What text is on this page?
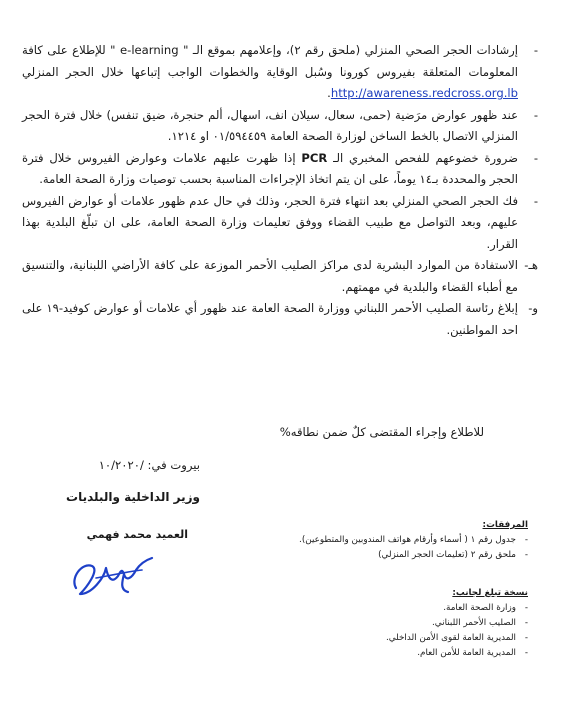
-
إرشادات الحجر الصحي المنزلي (ملحق رقم ٢)، وإعلامهم بموقع الـ " e-learning " للإطلاع على كافة المعلومات المتعلقة بفيروس كورونا وسُبل الوقاية والخطوات الواجب إتباعها خلال الحجر المنزلي http://awareness.redcross.org.lb.
-
عند ظهور عوارض مرَضية (حمى، سعال، سيلان انف، اسهال، ألم حنجرة، ضيق تنفس) خلال فترة الحجر المنزلي الاتصال بالخط الساخن لوزارة الصحة العامة ٠١/٥٩٤٤٥٩ او ١٢١٤.
-
ضرورة خضوعهم للفحص المخبري الـ PCR إذا ظهرت عليهم علامات وعوارض الفيروس خلال فترة الحجر والمحددة بـ١٤ يوماً، على ان يتم اتخاذ الإجراءات المناسبة بحسب توصيات وزارة الصحة العامة.
-
فك الحجر الصحي المنزلي بعد انتهاء فترة الحجر، وذلك في حال عدم ظهور علامات أو عوارض الفيروس عليهم، وبعد التواصل مع طبيب القضاء ووفق تعليمات وزارة الصحة العامة، على ان تبلّغ البلدية بهذا القرار.
هـ-
الاستفادة من الموارد البشرية لدى مراكز الصليب الأحمر الموزعة على كافة الأراضي اللبنانية، والتنسيق مع أطباء القضاء والبلدية في مهمتهم.
و-
إبلاغ رئاسة الصليب الأحمر اللبناني ووزارة الصحة العامة عند ظهور أي علامات أو عوارض كوفيد-١٩ على احد المواطنين.
للاطلاع وإجراء المقتضى كلٌ ضمن نطاقه%
بيروت في: /١٠/٢٠٢٠
وزير الداخلية والبلديات
العميد محمد فهمي
المرفقات:
- جدول رقم ١ ( أسماء وأرقام هواتف المندوبين والمتطوعين).
- ملحق رقم ٢ (تعليمات الحجر المنزلي)
نسخة تبلغ لجانب:
- وزارة الصحة العامة.
- الصليب الأحمر اللبناني.
- المديرية العامة لقوى الأمن الداخلي.
- المديرية العامة للأمن العام.
